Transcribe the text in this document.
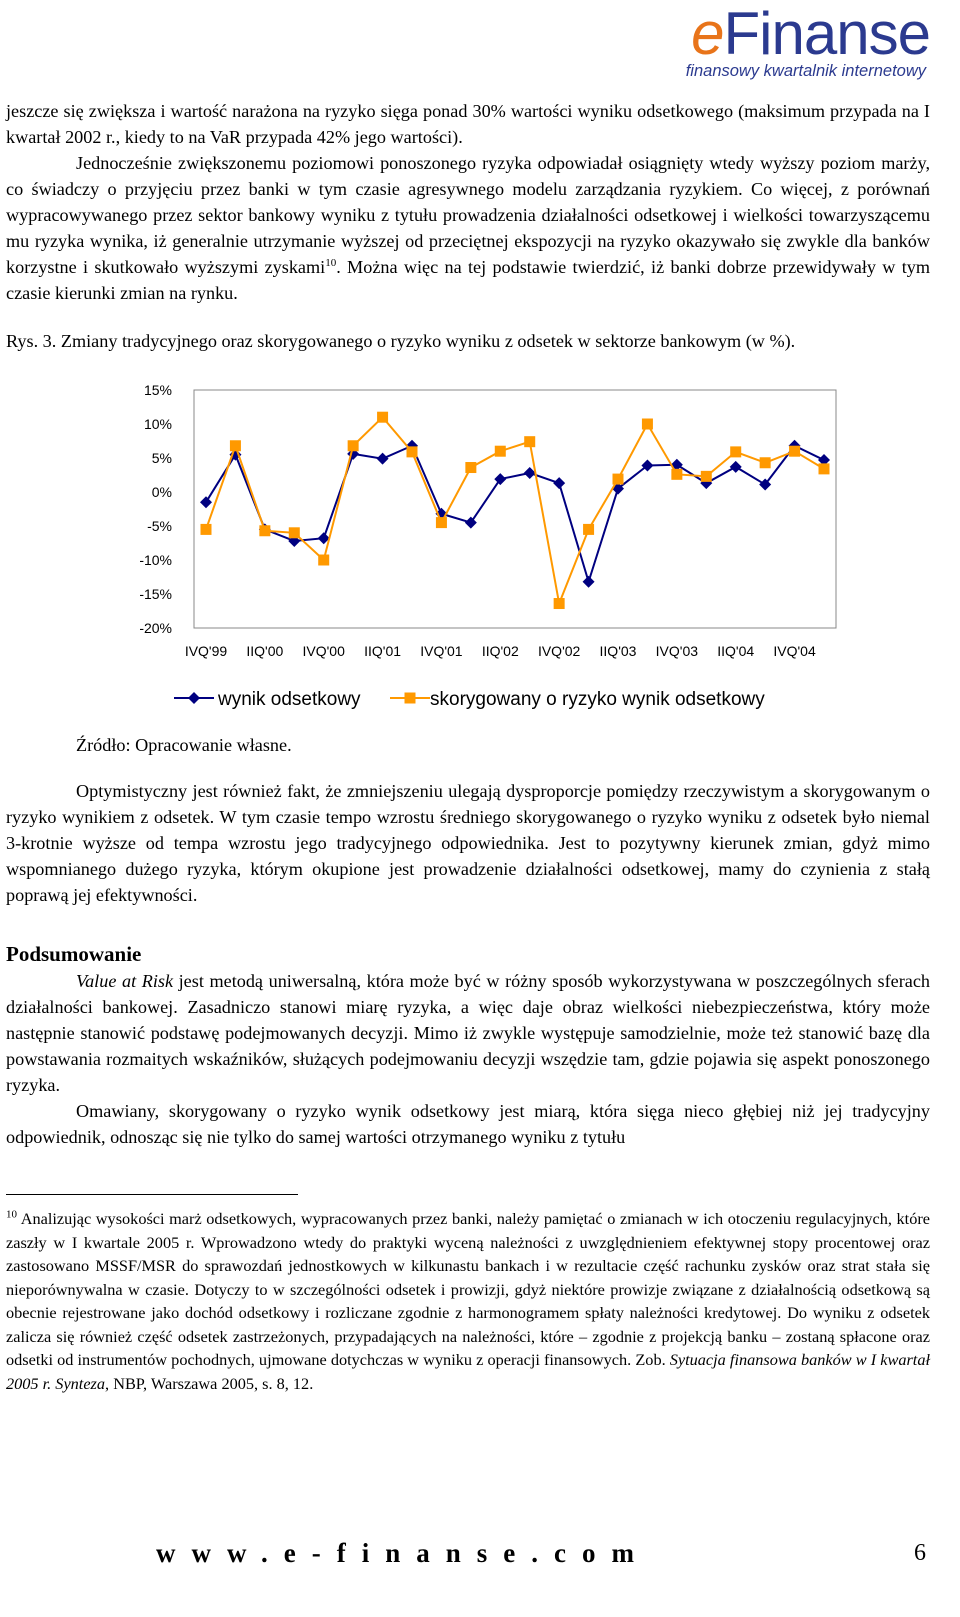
eFinanse
finansowy kwartalnik internetowy

jeszcze się zwiększa i wartość narażona na ryzyko sięga ponad 30% wartości wyniku odsetkowego (maksimum przypada na I kwartał 2002 r., kiedy to na VaR przypada 42% jego wartości).

Jednocześnie zwiększonemu poziomowi ponoszonego ryzyka odpowiadał osiągnięty wtedy wyższy poziom marży, co świadczy o przyjęciu przez banki w tym czasie agresywnego modelu zarządzania ryzykiem. Co więcej, z porównań wypracowywanego przez sektor bankowy wyniku z tytułu prowadzenia działalności odsetkowej i wielkości towarzyszącemu mu ryzyka wynika, iż generalnie utrzymanie wyższej od przeciętnej ekspozycji na ryzyko okazywało się zwykle dla banków korzystne i skutkowało wyższymi zyskami$^{10}$. Można więc na tej podstawie twierdzić, iż banki dobrze przewidywały w tym czasie kierunki zmian na rynku.

Rys. 3. Zmiany tradycyjnego oraz skorygowanego o ryzyko wyniku z odsetek w sektorze bankowym (w %).

15%
10%
5%
0%
-5%
-10%
-15%
-20%
IVQ'99 IIQ'00 IVQ'00 IIQ'01 IVQ'01 IIQ'02 IVQ'02 IIQ'03 IVQ'03 IIQ'04 IVQ'04
wynik odsetkowy	skorygowany o ryzyko wynik odsetkowy
Źródło: Opracowanie własne.

Optymistyczny jest również fakt, że zmniejszeniu ulegają dysproporcje pomiędzy rzeczywistym a skorygowanym o ryzyko wynikiem z odsetek. W tym czasie tempo wzrostu średniego skorygowanego o ryzyko wyniku z odsetek było niemal 3-krotnie wyższe od tempa wzrostu jego tradycyjnego odpowiednika. Jest to pozytywny kierunek zmian, gdyż mimo wspomnianego dużego ryzyka, którym okupione jest prowadzenie działalności odsetkowej, mamy do czynienia z stałą poprawą jej efektywności.

Podsumowanie

Value at Risk jest metodą uniwersalną, która może być w różny sposób wykorzystywana w poszczególnych sferach działalności bankowej. Zasadniczo stanowi miarę ryzyka, a więc daje obraz wielkości niebezpieczeństwa, który może następnie stanowić podstawę podejmowanych decyzji. Mimo iż zwykle występuje samodzielnie, może też stanowić bazę dla powstawania rozmaitych wskaźników, służących podejmowaniu decyzji wszędzie tam, gdzie pojawia się aspekt ponoszonego ryzyka.

Omawiany, skorygowany o ryzyko wynik odsetkowy jest miarą, która sięga nieco głębiej niż jej tradycyjny odpowiednik, odnosząc się nie tylko do samej wartości otrzymanego wyniku z tytułu

$^{10}$ Analizując wysokości marż odsetkowych, wypracowanych przez banki, należy pamiętać o zmianach w ich otoczeniu regulacyjnych, które zaszły w I kwartale 2005 r. Wprowadzono wtedy do praktyki wyceną należności z uwzględnieniem efektywnej stopy procentowej oraz zastosowano MSSF/MSR do sprawozdań jednostkowych w kilkunastu bankach i w rezultacie część rachunku zysków oraz strat stała się nieporównywalna w czasie. Dotyczy to w szczególności odsetek i prowizji, gdyż niektóre prowizje związane z działalnością odsetkową są obecnie rejestrowane jako dochód odsetkowy i rozliczane zgodnie z harmonogramem spłaty należności kredytowej. Do wyniku z odsetek zalicza się również część odsetek zastrzeżonych, przypadających na należności, które – zgodnie z projekcją banku – zostaną spłacone oraz odsetki od instrumentów pochodnych, ujmowane dotychczas w wyniku z operacji finansowych. Zob. Sytuacja finansowa banków w I kwartał 2005 r. Synteza, NBP, Warszawa 2005, s. 8, 12.
www.e-finanse.com	6
